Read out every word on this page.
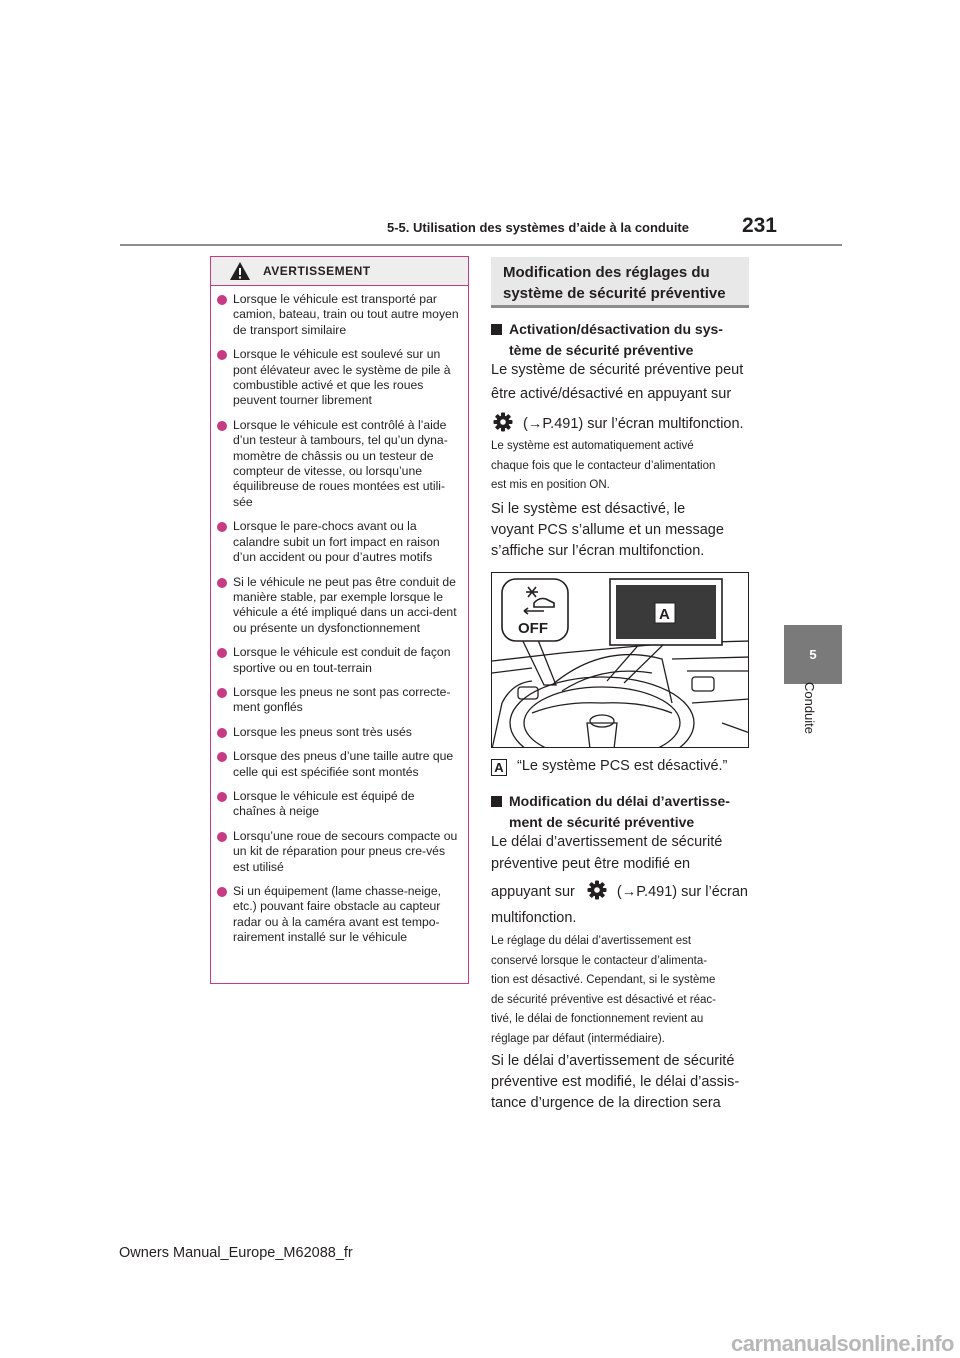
5-5. Utilisation des systèmes d’aide à la conduite	231
5
Conduite
AVERTISSEMENT
Lorsque le véhicule est transporté par camion, bateau, train ou tout autre moyen de transport similaire
Lorsque le véhicule est soulevé sur un pont élévateur avec le système de pile à combustible activé et que les roues peuvent tourner librement
Lorsque le véhicule est contrôlé à l’aide d’un testeur à tambours, tel qu’un dyna-momètre de châssis ou un testeur de compteur de vitesse, ou lorsqu’une équilibreuse de roues montées est utili-sée
Lorsque le pare-chocs avant ou la calandre subit un fort impact en raison d’un accident ou pour d’autres motifs
Si le véhicule ne peut pas être conduit de manière stable, par exemple lorsque le véhicule a été impliqué dans un acci-dent ou présente un dysfonctionnement
Lorsque le véhicule est conduit de façon sportive ou en tout-terrain
Lorsque les pneus ne sont pas correcte-ment gonflés
Lorsque les pneus sont très usés
Lorsque des pneus d’une taille autre que celle qui est spécifiée sont montés
Lorsque le véhicule est équipé de chaînes à neige
Lorsqu’une roue de secours compacte ou un kit de réparation pour pneus cre-vés est utilisé
Si un équipement (lame chasse-neige, etc.) pouvant faire obstacle au capteur radar ou à la caméra avant est tempo-rairement installé sur le véhicule
Modification des réglages du
système de sécurité préventive
Activation/désactivation du sys-
tème de sécurité préventive
Le système de sécurité préventive peut
être activé/désactivé en appuyant sur
(→P.491) sur l’écran multifonction.
Le système est automatiquement activé
chaque fois que le contacteur d’alimentation
est mis en position ON.
Si le système est désactivé, le
voyant PCS s’allume et un message
s’affiche sur l’écran multifonction.
OFF
A
A “Le système PCS est désactivé.”
Modification du délai d’avertisse-
ment de sécurité préventive
Le délai d’avertissement de sécurité
préventive peut être modifié en
appuyant sur	(→P.491) sur l’écran
multifonction.
Le réglage du délai d’avertissement est
conservé lorsque le contacteur d’alimenta-
tion est désactivé. Cependant, si le système
de sécurité préventive est désactivé et réac-
tivé, le délai de fonctionnement revient au
réglage par défaut (intermédiaire).
Si le délai d’avertissement de sécurité
préventive est modifié, le délai d’assis-
tance d’urgence de la direction sera
Owners Manual_Europe_M62088_fr
carmanualsonline.info
